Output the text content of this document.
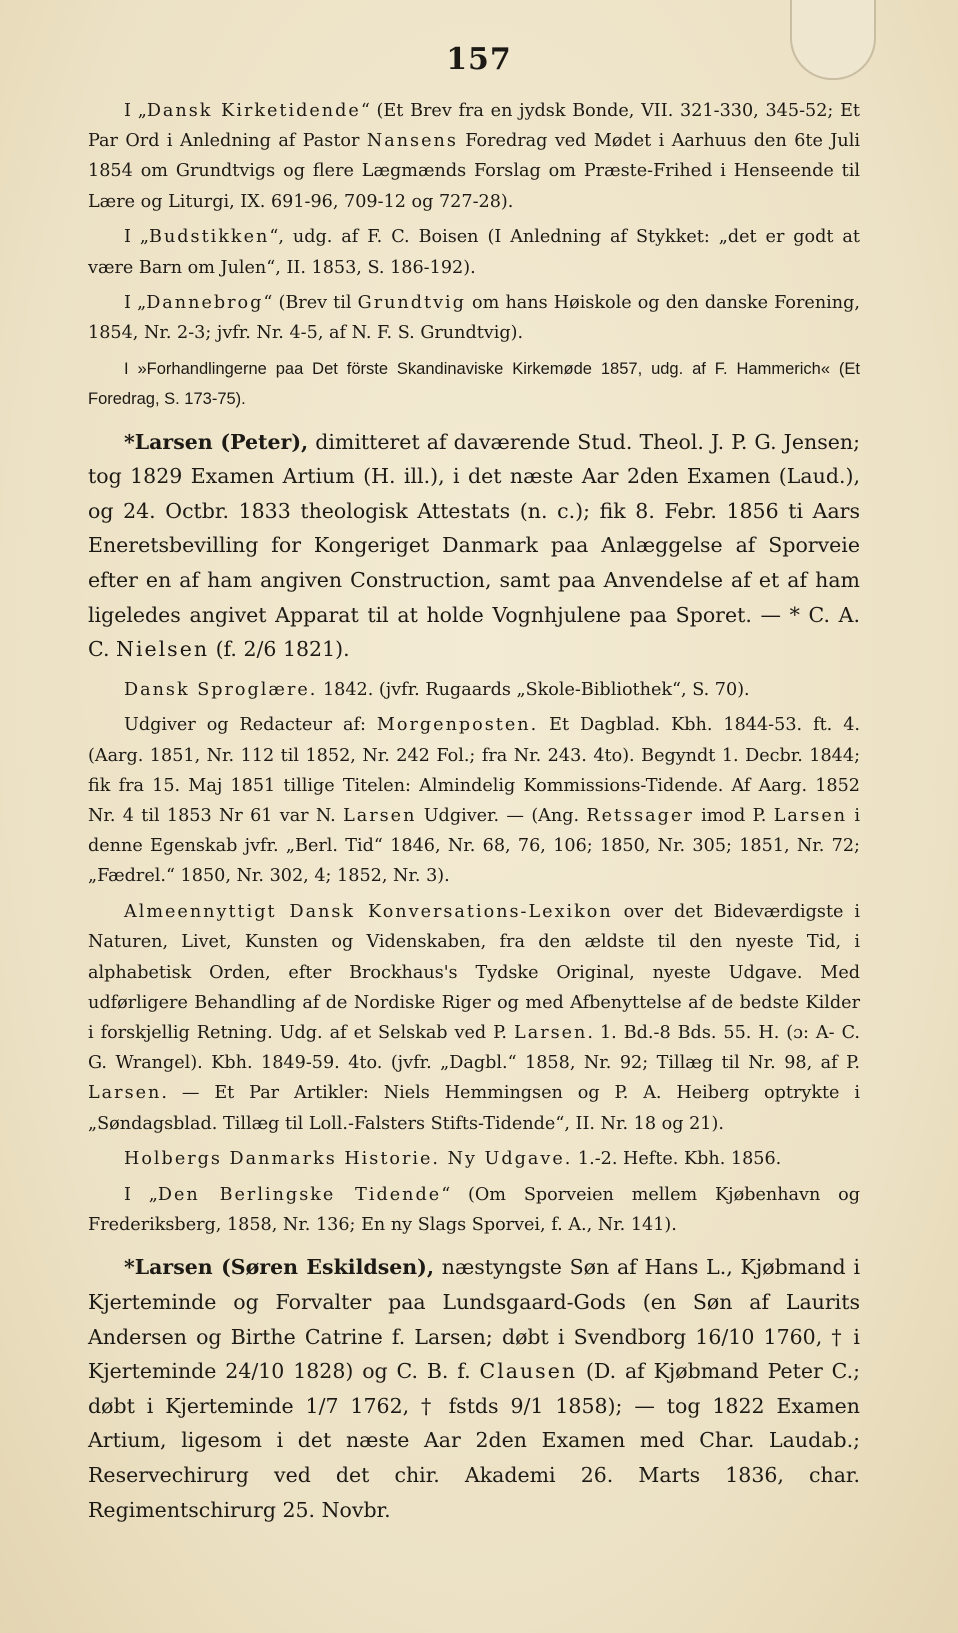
157

I „Dansk Kirketidende“ (Et Brev fra en jydsk Bonde, VII. 321-330, 345-52; Et Par Ord i Anledning af Pastor Nansens Foredrag ved Mødet i Aarhuus den 6te Juli 1854 om Grundtvigs og flere Lægmænds Forslag om Præste-Frihed i Henseende til Lære og Liturgi, IX. 691-96, 709-12 og 727-28).

I „Budstikken“, udg. af F. C. Boisen (I Anledning af Stykket: „det er godt at være Barn om Julen“, II. 1853, S. 186-192).

I „Dannebrog“ (Brev til Grundtvig om hans Høiskole og den danske Forening, 1854, Nr. 2-3; jvfr. Nr. 4-5, af N. F. S. Grundtvig).

I »Forhandlingerne paa Det förste Skandinaviske Kirkemøde 1857, udg. af F. Hammerich« (Et Foredrag, S. 173-75).

*Larsen (Peter), dimitteret af daværende Stud. Theol. J. P. G. Jensen; tog 1829 Examen Artium (H. ill.), i det næste Aar 2den Examen (Laud.), og 24. Octbr. 1833 theologisk Attestats (n. c.); fik 8. Febr. 1856 ti Aars Eneretsbevilling for Kongeriget Danmark paa Anlæggelse af Sporveie efter en af ham angiven Construction, samt paa Anvendelse af et af ham ligeledes angivet Apparat til at holde Vognhjulene paa Sporet. — * C. A. C. Nielsen (f. 2/6 1821).

Dansk Sproglære. 1842. (jvfr. Rugaards „Skole-Bibliothek“, S. 70).

Udgiver og Redacteur af: Morgenposten. Et Dagblad. Kbh. 1844-53. ft. 4. (Aarg. 1851, Nr. 112 til 1852, Nr. 242 Fol.; fra Nr. 243. 4to). Begyndt 1. Decbr. 1844; fik fra 15. Maj 1851 tillige Titelen: Almindelig Kommissions-Tidende. Af Aarg. 1852 Nr. 4 til 1853 Nr 61 var N. Larsen Udgiver. — (Ang. Retssager imod P. Larsen i denne Egenskab jvfr. „Berl. Tid“ 1846, Nr. 68, 76, 106; 1850, Nr. 305; 1851, Nr. 72; „Fædrel.“ 1850, Nr. 302, 4; 1852, Nr. 3).

Almeennyttigt Dansk Konversations-Lexikon over det Bideværdigste i Naturen, Livet, Kunsten og Videnskaben, fra den ældste til den nyeste Tid, i alphabetisk Orden, efter Brockhaus's Tydske Original, nyeste Udgave. Med udførligere Behandling af de Nordiske Riger og med Afbenyttelse af de bedste Kilder i forskjellig Retning. Udg. af et Selskab ved P. Larsen. 1. Bd.-8 Bds. 55. H. (ɔ: A- C. G. Wrangel). Kbh. 1849-59. 4to. (jvfr. „Dagbl.“ 1858, Nr. 92; Tillæg til Nr. 98, af P. Larsen. — Et Par Artikler: Niels Hemmingsen og P. A. Heiberg optrykte i „Søndagsblad. Tillæg til Loll.-Falsters Stifts-Tidende“, II. Nr. 18 og 21).

Holbergs Danmarks Historie. Ny Udgave. 1.-2. Hefte. Kbh. 1856.

I „Den Berlingske Tidende“ (Om Sporveien mellem Kjøbenhavn og Frederiksberg, 1858, Nr. 136; En ny Slags Sporvei, f. A., Nr. 141).

*Larsen (Søren Eskildsen), næstyngste Søn af Hans L., Kjøbmand i Kjerteminde og Forvalter paa Lundsgaard-Gods (en Søn af Laurits Andersen og Birthe Catrine f. Larsen; døbt i Svendborg 16/10 1760, † i Kjerteminde 24/10 1828) og C. B. f. Clausen (D. af Kjøbmand Peter C.; døbt i Kjerteminde 1/7 1762, † fstds 9/1 1858); — tog 1822 Examen Artium, ligesom i det næste Aar 2den Examen med Char. Laudab.; Reservechirurg ved det chir. Akademi 26. Marts 1836, char. Regimentschirurg 25. Novbr.
